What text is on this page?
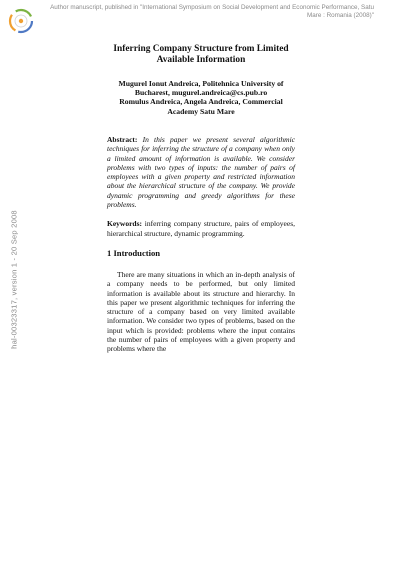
Author manuscript, published in "International Symposium on Social Development and Economic Performance, Satu Mare : Romania (2008)"
hal-00323317, version 1 - 20 Sep 2008
Inferring Company Structure from Limited Available Information
Mugurel Ionut Andreica, Politehnica University of Bucharest, mugurel.andreica@cs.pub.ro
Romulus Andreica, Angela Andreica, Commercial Academy Satu Mare

Abstract: In this paper we present several algorithmic techniques for inferring the structure of a company when only a limited amount of information is available. We consider problems with two types of inputs: the number of pairs of employees with a given property and restricted information about the hierarchical structure of the company. We provide dynamic programming and greedy algorithms for these problems.

Keywords: inferring company structure, pairs of employees, hierarchical structure, dynamic programming.

1 Introduction

There are many situations in which an in-depth analysis of a company needs to be performed, but only limited information is available about its structure and hierarchy. In this paper we present algorithmic techniques for inferring the structure of a company based on very limited available information. We consider two types of problems, based on the input which is provided: problems where the input contains the number of pairs of employees with a given property and problems where the
